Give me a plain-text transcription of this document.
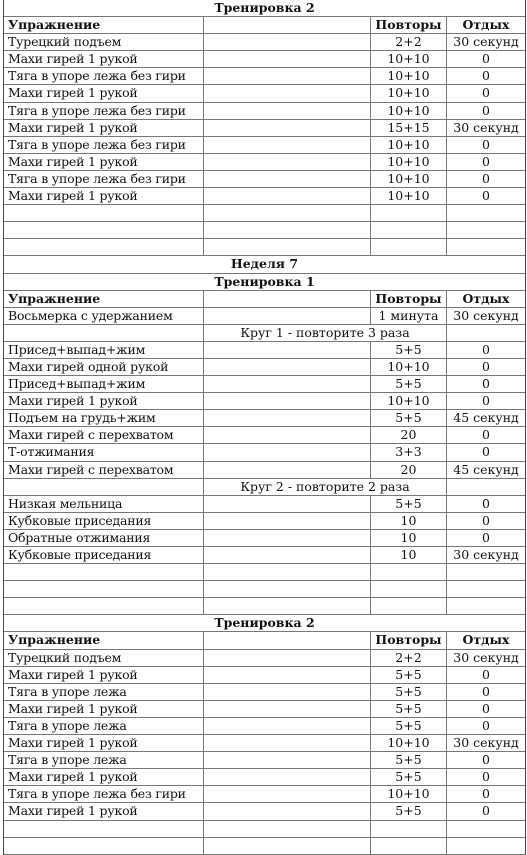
Тренировка 2
Упражнение	Повторы	Отдых
Турецкий подъем	2+2	30 секунд
Махи гирей 1 рукой	10+10	0
Тяга в упоре лежа без гири	10+10	0
Махи гирей 1 рукой	10+10	0
Тяга в упоре лежа без гири	10+10	0
Махи гирей 1 рукой	15+15	30 секунд
Тяга в упоре лежа без гири	10+10	0
Махи гирей 1 рукой	10+10	0
Тяга в упоре лежа без гири	10+10	0
Махи гирей 1 рукой	10+10	0
Неделя 7
Тренировка 1
Упражнение	Повторы	Отдых
Восьмерка с удержанием	1 минута	30 секунд
Круг 1 - повторите 3 раза
Присед+выпад+жим	5+5	0
Махи гирей одной рукой	10+10	0
Присед+выпад+жим	5+5	0
Махи гирей 1 рукой	10+10	0
Подъем на грудь+жим	5+5	45 секунд
Махи гирей с перехватом	20	0
Т-отжимания	3+3	0
Махи гирей с перехватом	20	45 секунд
Круг 2 - повторите 2 раза
Низкая мельница	5+5	0
Кубковые приседания	10	0
Обратные отжимания	10	0
Кубковые приседания	10	30 секунд
Тренировка 2
Упражнение	Повторы	Отдых
Турецкий подъем	2+2	30 секунд
Махи гирей 1 рукой	5+5	0
Тяга в упоре лежа	5+5	0
Махи гирей 1 рукой	5+5	0
Тяга в упоре лежа	5+5	0
Махи гирей 1 рукой	10+10	30 секунд
Тяга в упоре лежа	5+5	0
Махи гирей 1 рукой	5+5	0
Тяга в упоре лежа без гири	10+10	0
Махи гирей 1 рукой	5+5	0
